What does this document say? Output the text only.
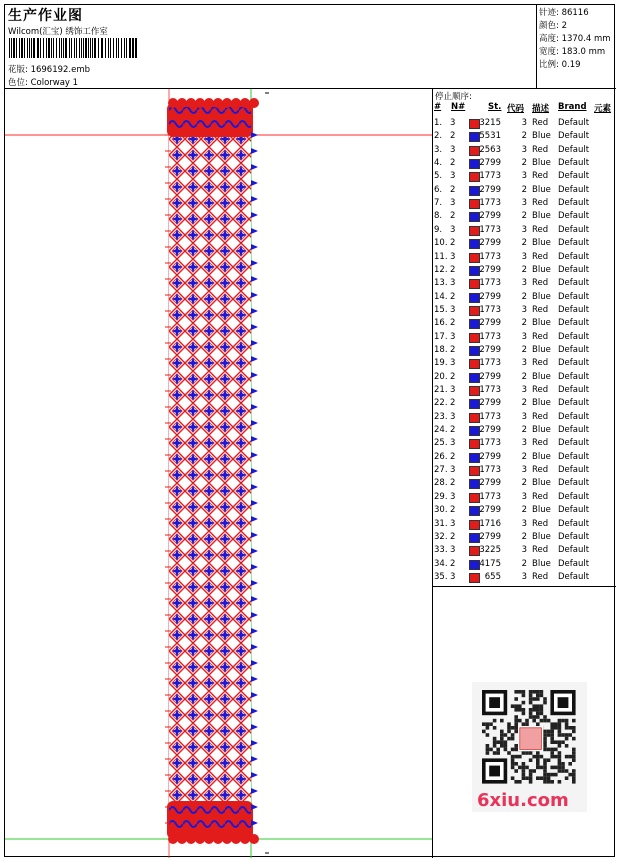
生产作业图
Wilcom(汇宝) 绣饰工作室
花版: 1696192.emb
色位: Colorway 1
针迹: 86116
颜色: 2
高度: 1370.4 mm
宽度: 183.0 mm
比例: 0.19
停止顺序:
# N#	St. 代码 描述 Brand 元素
1. 3	3215	3 Red Default
2. 2	5531	2 Blue Default
3. 3	2563	3 Red Default
4. 2	2799	2 Blue Default
5. 3	1773	3 Red Default
6. 2	2799	2 Blue Default
7. 3	1773	3 Red Default
8. 2	2799	2 Blue Default
9. 3	1773	3 Red Default
10. 2	2799	2 Blue Default
11. 3	1773	3 Red Default
12. 2	2799	2 Blue Default
13. 3	1773	3 Red Default
14. 2	2799	2 Blue Default
15. 3	1773	3 Red Default
16. 2	2799	2 Blue Default
17. 3	1773	3 Red Default
18. 2	2799	2 Blue Default
19. 3	1773	3 Red Default
20. 2	2799	2 Blue Default
21. 3	1773	3 Red Default
22. 2	2799	2 Blue Default
23. 3	1773	3 Red Default
24. 2	2799	2 Blue Default
25. 3	1773	3 Red Default
26. 2	2799	2 Blue Default
27. 3	1773	3 Red Default
28. 2	2799	2 Blue Default
29. 3	1773	3 Red Default
30. 2	2799	2 Blue Default
31. 3	1716	3 Red Default
32. 2	2799	2 Blue Default
33. 3	3225	3 Red Default
34. 2	4175	2 Blue Default
35. 3	655	3 Red Default
6xiu.com
